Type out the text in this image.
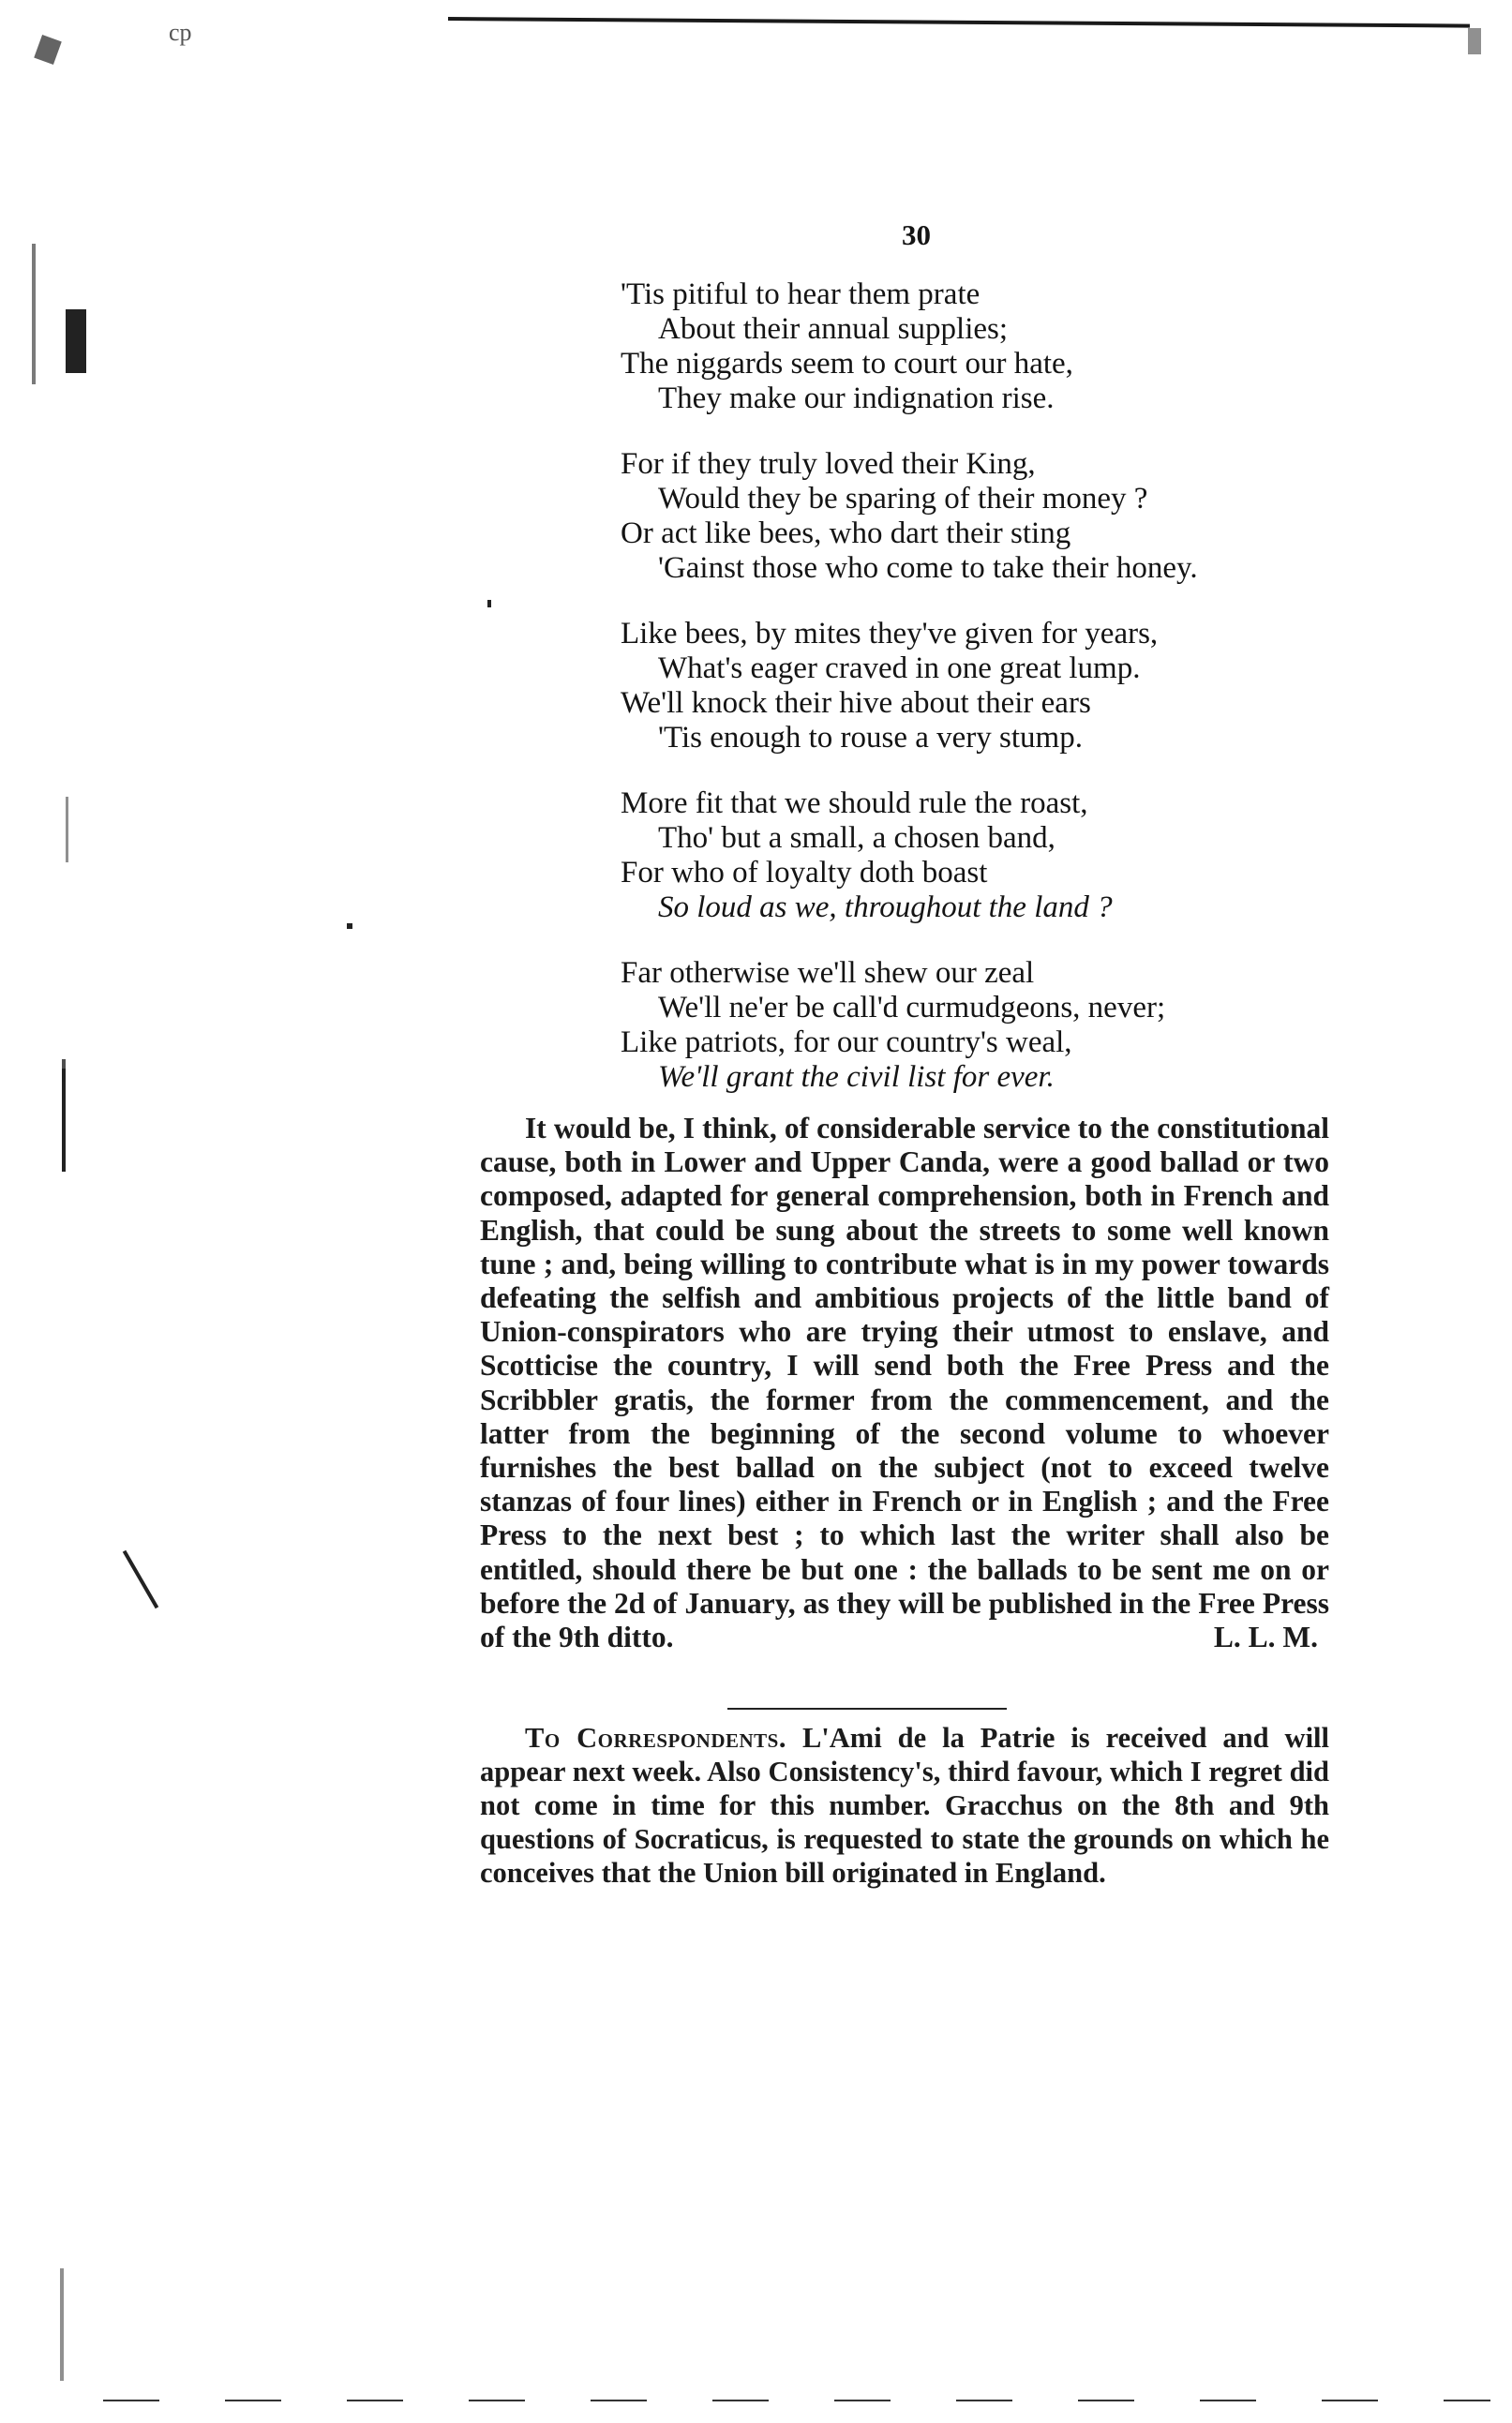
cp
30
'Tis pitiful to hear them prate
About their annual supplies;
The niggards seem to court our hate,
They make our indignation rise.
For if they truly loved their King,
Would they be sparing of their money ?
Or act like bees, who dart their sting
'Gainst those who come to take their honey.
Like bees, by mites they've given for years,
What's eager craved in one great lump.
We'll knock their hive about their ears
'Tis enough to rouse a very stump.
More fit that we should rule the roast,
Tho' but a small, a chosen band,
For who of loyalty doth boast
So loud as we, throughout the land ?
Far otherwise we'll shew our zeal
We'll ne'er be call'd curmudgeons, never;
Like patriots, for our country's weal,
We'll grant the civil list for ever.

It would be, I think, of considerable service to the constitutional cause, both in Lower and Upper Canda, were a good ballad or two composed, adapted for general comprehension, both in French and English, that could be sung about the streets to some well known tune ; and, being willing to contribute what is in my power towards defeating the selfish and ambitious projects of the little band of Union-conspirators who are trying their utmost to enslave, and Scotticise the country, I will send both the Free Press and the Scribbler gratis, the former from the commencement, and the latter from the beginning of the second volume to whoever furnishes the best ballad on the subject (not to exceed twelve stanzas of four lines) either in French or in English ; and the Free Press to the next best ; to which last the writer shall also be entitled, should there be but one : the ballads to be sent me on or before the 2d of January, as they will be published in the Free Press of the 9th ditto.	L. L. M.

To Correspondents. L'Ami de la Patrie is received and will appear next week. Also Consistency's, third favour, which I regret did not come in time for this number. Gracchus on the 8th and 9th questions of Socraticus, is requested to state the grounds on which he conceives that the Union bill originated in England.
